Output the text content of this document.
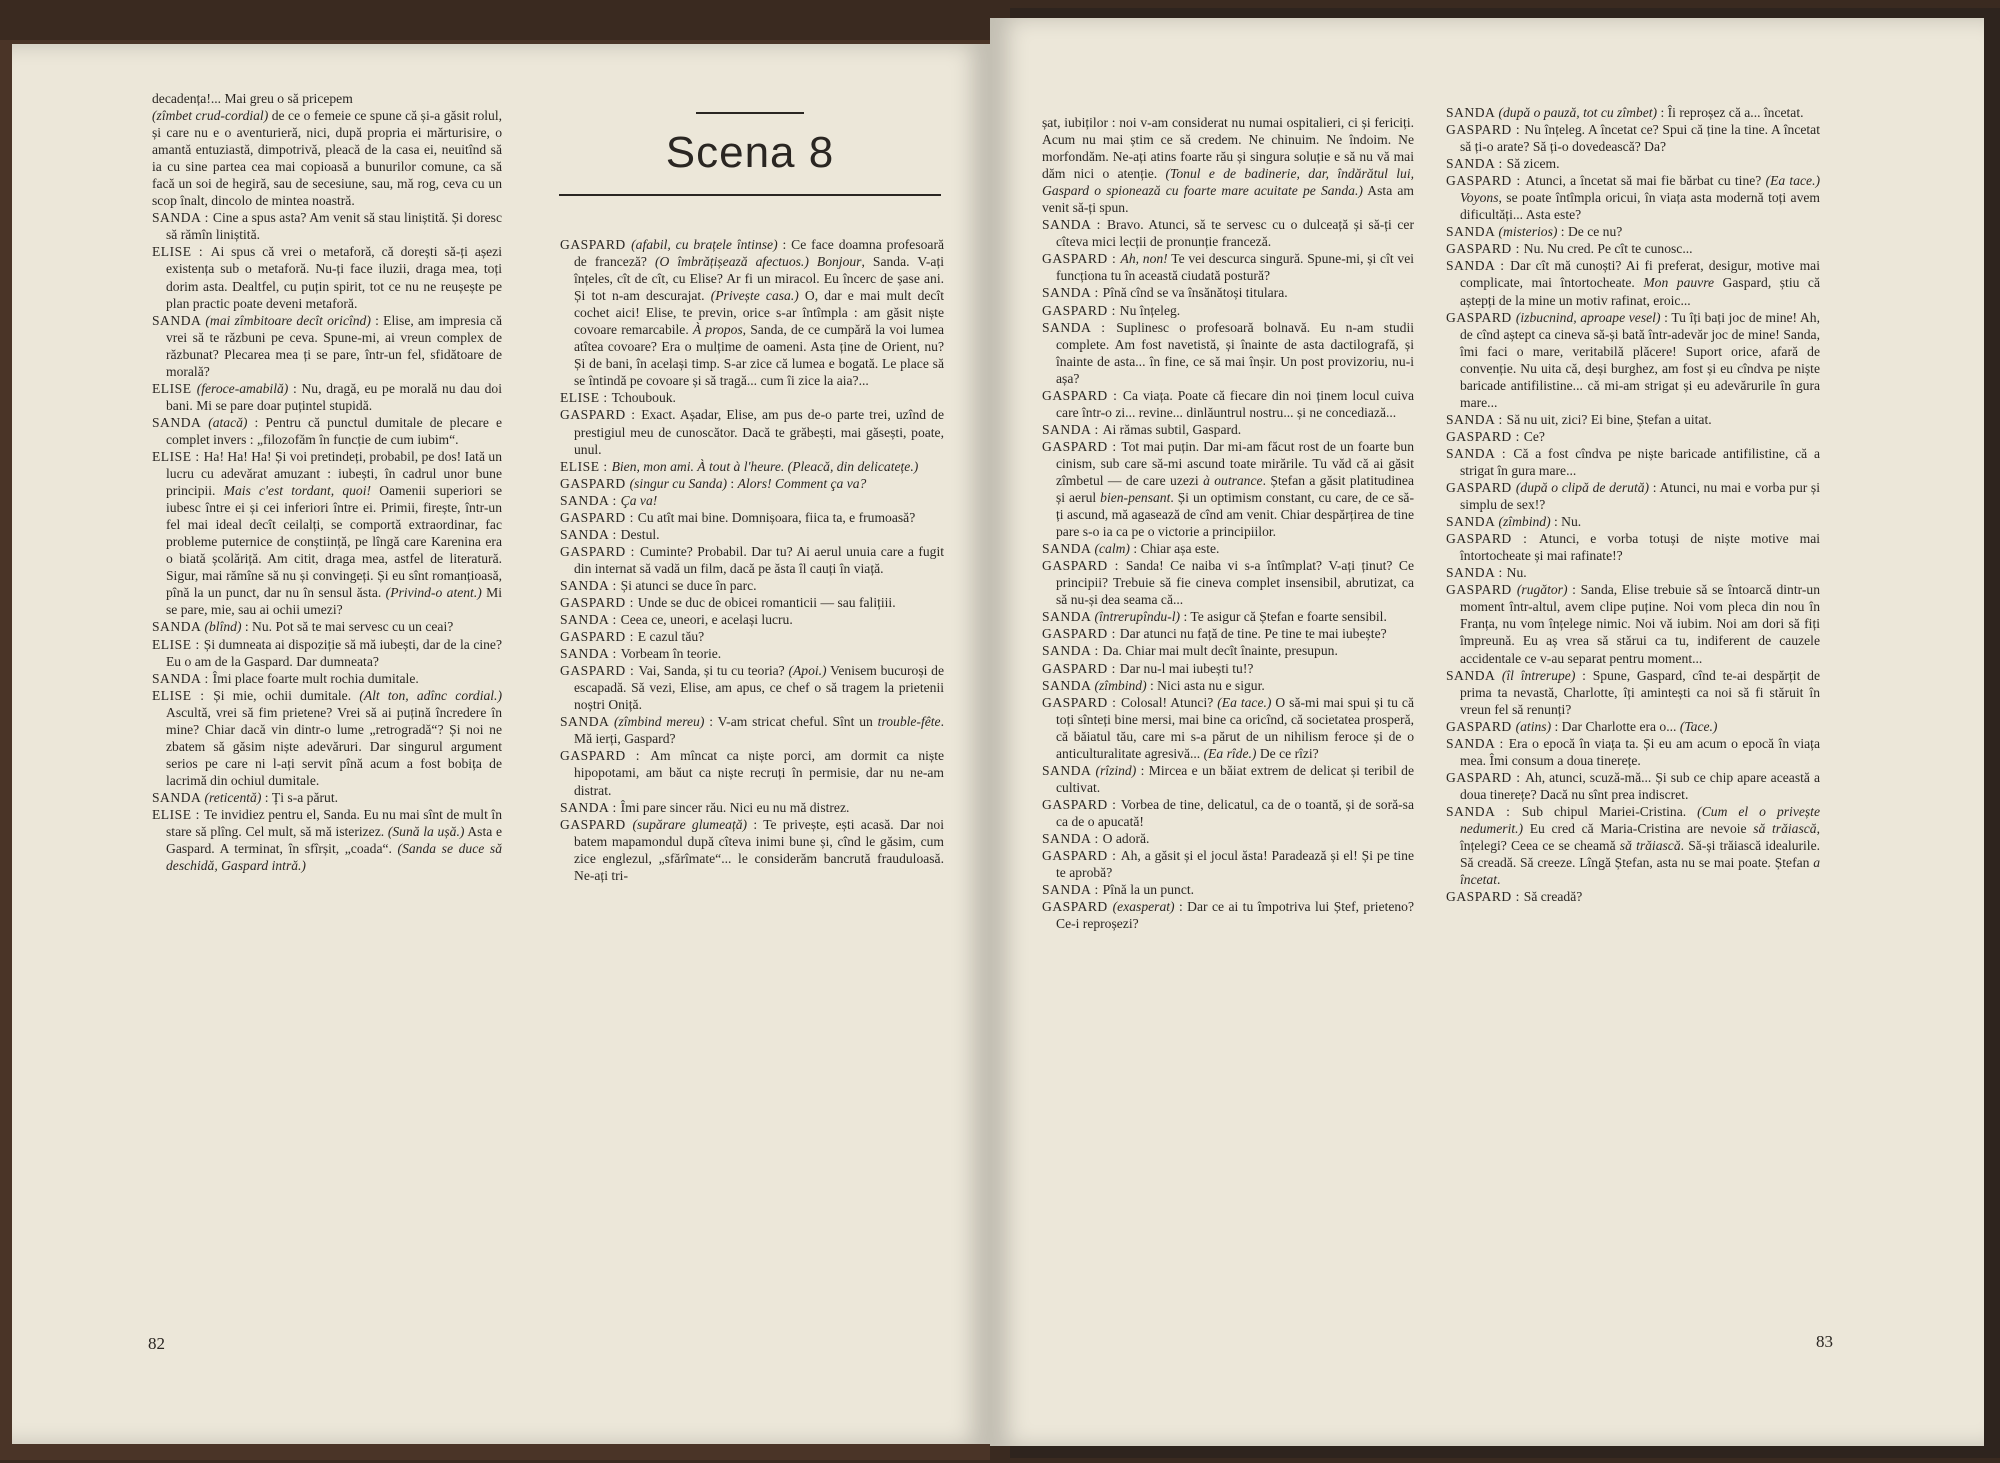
decadența!... Mai greu o să pricepem

(zîmbet crud-cordial) de ce o femeie ce spune că și-a găsit rolul, și care nu e o aventurieră, nici, după propria ei mărturisire, o amantă entuziastă, dimpotrivă, pleacă de la casa ei, neuitînd să ia cu sine partea cea mai copioasă a bunurilor comune, ca să facă un soi de hegiră, sau de secesiune, sau, mă rog, ceva cu un scop înalt, dincolo de mintea noastră.

SANDA : Cine a spus asta? Am venit să stau liniștită. Și doresc să rămîn liniștită.

ELISE : Ai spus că vrei o metaforă, că dorești să-ți așezi existența sub o metaforă. Nu-ți face iluzii, draga mea, toți dorim asta. Dealtfel, cu puțin spirit, tot ce nu ne reușește pe plan practic poate deveni metaforă.

SANDA (mai zîmbitoare decît oricînd) : Elise, am impresia că vrei să te răzbuni pe ceva. Spune-mi, ai vreun complex de răzbunat? Plecarea mea ți se pare, într-un fel, sfidătoare de morală?

ELISE (feroce-amabilă) : Nu, dragă, eu pe morală nu dau doi bani. Mi se pare doar puțintel stupidă.

SANDA (atacă) : Pentru că punctul dumitale de plecare e complet invers : „filozofăm în funcție de cum iubim“.

ELISE : Ha! Ha! Ha! Și voi pretindeți, probabil, pe dos! Iată un lucru cu adevărat amuzant : iubești, în cadrul unor bune principii. Mais c'est tordant, quoi! Oamenii superiori se iubesc între ei și cei inferiori între ei. Primii, firește, într-un fel mai ideal decît ceilalți, se comportă extraordinar, fac probleme puternice de conștiință, pe lîngă care Karenina era o biată școlăriță. Am citit, draga mea, astfel de literatură. Sigur, mai rămîne să nu și convingeți. Și eu sînt romanțioasă, pînă la un punct, dar nu în sensul ăsta. (Privind-o atent.) Mi se pare, mie, sau ai ochii umezi?

SANDA (blînd) : Nu. Pot să te mai servesc cu un ceai?

ELISE : Și dumneata ai dispoziție să mă iubești, dar de la cine? Eu o am de la Gaspard. Dar dumneata?

SANDA : Îmi place foarte mult rochia dumitale.

ELISE : Și mie, ochii dumitale. (Alt ton, adînc cordial.) Ascultă, vrei să fim prietene? Vrei să ai puțină încredere în mine? Chiar dacă vin dintr-o lume „retrogradă“? Și noi ne zbatem să găsim niște adevăruri. Dar singurul argument serios pe care ni l-ați servit pînă acum a fost bobița de lacrimă din ochiul dumitale.

SANDA (reticentă) : Ți s-a părut.

ELISE : Te invidiez pentru el, Sanda. Eu nu mai sînt de mult în stare să plîng. Cel mult, să mă isterizez. (Sună la ușă.) Asta e Gaspard. A terminat, în sfîrșit, „coada“. (Sanda se duce să deschidă, Gaspard intră.)

Scena 8

GASPARD (afabil, cu brațele întinse) : Ce face doamna profesoară de franceză? (O îmbrățișează afectuos.) Bonjour, Sanda. V-ați înțeles, cît de cît, cu Elise? Ar fi un miracol. Eu încerc de șase ani. Și tot n-am descurajat. (Privește casa.) O, dar e mai mult decît cochet aici! Elise, te previn, orice s-ar întîmpla : am găsit niște covoare remarcabile. À propos, Sanda, de ce cumpără la voi lumea atîtea covoare? Era o mulțime de oameni. Asta ține de Orient, nu? Și de bani, în același timp. S-ar zice că lumea e bogată. Le place să se întindă pe covoare și să tragă... cum îi zice la aia?...

ELISE : Tchoubouk.

GASPARD : Exact. Așadar, Elise, am pus de-o parte trei, uzînd de prestigiul meu de cunoscător. Dacă te grăbești, mai găsești, poate, unul.

ELISE : Bien, mon ami. À tout à l'heure. (Pleacă, din delicatețe.)

GASPARD (singur cu Sanda) : Alors! Comment ça va?

SANDA : Ça va!

GASPARD : Cu atît mai bine. Domnișoara, fiica ta, e frumoasă?

SANDA : Destul.

GASPARD : Cuminte? Probabil. Dar tu? Ai aerul unuia care a fugit din internat să vadă un film, dacă pe ăsta îl cauți în viață.

SANDA : Și atunci se duce în parc.

GASPARD : Unde se duc de obicei romanticii — sau falițiii.

SANDA : Ceea ce, uneori, e același lucru.

GASPARD : E cazul tău?

SANDA : Vorbeam în teorie.

GASPARD : Vai, Sanda, și tu cu teoria? (Apoi.) Venisem bucuroși de escapadă. Să vezi, Elise, am apus, ce chef o să tragem la prietenii noștri Oniță.

SANDA (zîmbind mereu) : V-am stricat cheful. Sînt un trouble-fête. Mă ierți, Gaspard?

GASPARD : Am mîncat ca niște porci, am dormit ca niște hipopotami, am băut ca niște recruți în permisie, dar nu ne-am distrat.

SANDA : Îmi pare sincer rău. Nici eu nu mă distrez.

GASPARD (supărare glumeață) : Te privește, ești acasă. Dar noi batem mapamondul după cîteva inimi bune și, cînd le găsim, cum zice englezul, „sfărîmate“... le considerăm bancrută frauduloasă. Ne-ați tri-

82

șat, iubiților : noi v-am considerat nu numai ospitalieri, ci și fericiți. Acum nu mai știm ce să credem. Ne chinuim. Ne îndoim. Ne morfondăm. Ne-ați atins foarte rău și singura soluție e să nu vă mai dăm nici o atenție. (Tonul e de badinerie, dar, îndărătul lui, Gaspard o spionează cu foarte mare acuitate pe Sanda.) Asta am venit să-ți spun.

SANDA : Bravo. Atunci, să te servesc cu o dulceață și să-ți cer cîteva mici lecții de pronunție franceză.

GASPARD : Ah, non! Te vei descurca singură. Spune-mi, și cît vei funcționa tu în această ciudată postură?

SANDA : Pînă cînd se va însănătoși titulara.

GASPARD : Nu înțeleg.

SANDA : Suplinesc o profesoară bolnavă. Eu n-am studii complete. Am fost navetistă, și înainte de asta dactilografă, și înainte de asta... în fine, ce să mai înșir. Un post provizoriu, nu-i așa?

GASPARD : Ca viața. Poate că fiecare din noi ținem locul cuiva care într-o zi... revine... dinlăuntrul nostru... și ne concediază...

SANDA : Ai rămas subtil, Gaspard.

GASPARD : Tot mai puțin. Dar mi-am făcut rost de un foarte bun cinism, sub care să-mi ascund toate mirările. Tu văd că ai găsit zîmbetul — de care uzezi à outrance. Ștefan a găsit platitudinea și aerul bien-pensant. Și un optimism constant, cu care, de ce să-ți ascund, mă agasează de cînd am venit. Chiar despărțirea de tine pare s-o ia ca pe o victorie a principiilor.

SANDA (calm) : Chiar așa este.

GASPARD : Sanda! Ce naiba vi s-a întîmplat? V-ați ținut? Ce principii? Trebuie să fie cineva complet insensibil, abrutizat, ca să nu-și dea seama că...

SANDA (întrerupîndu-l) : Te asigur că Ștefan e foarte sensibil.

GASPARD : Dar atunci nu față de tine. Pe tine te mai iubește?

SANDA : Da. Chiar mai mult decît înainte, presupun.

GASPARD : Dar nu-l mai iubești tu!?

SANDA (zîmbind) : Nici asta nu e sigur.

GASPARD : Colosal! Atunci? (Ea tace.) O să-mi mai spui și tu că toți sînteți bine mersi, mai bine ca oricînd, că societatea prosperă, că băiatul tău, care mi s-a părut de un nihilism feroce și de o anticulturalitate agresivă... (Ea rîde.) De ce rîzi?

SANDA (rîzind) : Mircea e un băiat extrem de delicat și teribil de cultivat.

GASPARD : Vorbea de tine, delicatul, ca de o toantă, și de soră-sa ca de o apucată!

SANDA : O adoră.

GASPARD : Ah, a găsit și el jocul ăsta! Paradează și el! Și pe tine te aprobă?

SANDA : Pînă la un punct.

GASPARD (exasperat) : Dar ce ai tu împotriva lui Ștef, prieteno? Ce-i reproșezi?

SANDA (după o pauză, tot cu zîmbet) : Îi reproșez că a... încetat.

GASPARD : Nu înțeleg. A încetat ce? Spui că ține la tine. A încetat să ți-o arate? Să ți-o dovedească? Da?

SANDA : Să zicem.

GASPARD : Atunci, a încetat să mai fie bărbat cu tine? (Ea tace.) Voyons, se poate întîmpla oricui, în viața asta modernă toți avem dificultăți... Asta este?

SANDA (misterios) : De ce nu?

GASPARD : Nu. Nu cred. Pe cît te cunosc...

SANDA : Dar cît mă cunoști? Ai fi preferat, desigur, motive mai complicate, mai întortocheate. Mon pauvre Gaspard, știu că aștepți de la mine un motiv rafinat, eroic...

GASPARD (izbucnind, aproape vesel) : Tu îți bați joc de mine! Ah, de cînd aștept ca cineva să-și bată într-adevăr joc de mine! Sanda, îmi faci o mare, veritabilă plăcere! Suport orice, afară de convenție. Nu uita că, deși burghez, am fost și eu cîndva pe niște baricade antifilistine... că mi-am strigat și eu adevărurile în gura mare...

SANDA : Să nu uit, zici? Ei bine, Ștefan a uitat.

GASPARD : Ce?

SANDA : Că a fost cîndva pe niște baricade antifilistine, că a strigat în gura mare...

GASPARD (după o clipă de derută) : Atunci, nu mai e vorba pur și simplu de sex!?

SANDA (zîmbind) : Nu.

GASPARD : Atunci, e vorba totuși de niște motive mai întortocheate și mai rafinate!?

SANDA : Nu.

GASPARD (rugător) : Sanda, Elise trebuie să se întoarcă dintr-un moment într-altul, avem clipe puține. Noi vom pleca din nou în Franța, nu vom înțelege nimic. Noi vă iubim. Noi am dori să fiți împreună. Eu aș vrea să stărui ca tu, indiferent de cauzele accidentale ce v-au separat pentru moment...

SANDA (îl întrerupe) : Spune, Gaspard, cînd te-ai despărțit de prima ta nevastă, Charlotte, îți amintești ca noi să fi stăruit în vreun fel să renunți?

GASPARD (atins) : Dar Charlotte era o... (Tace.)

SANDA : Era o epocă în viața ta. Și eu am acum o epocă în viața mea. Îmi consum a doua tinerețe.

GASPARD : Ah, atunci, scuză-mă... Și sub ce chip apare această a doua tinerețe? Dacă nu sînt prea indiscret.

SANDA : Sub chipul Mariei-Cristina. (Cum el o privește nedumerit.) Eu cred că Maria-Cristina are nevoie să trăiască, înțelegi? Ceea ce se cheamă să trăiască. Să-și trăiască idealurile. Să creadă. Să creeze. Lîngă Ștefan, asta nu se mai poate. Ștefan a încetat.

GASPARD : Să creadă?

83
